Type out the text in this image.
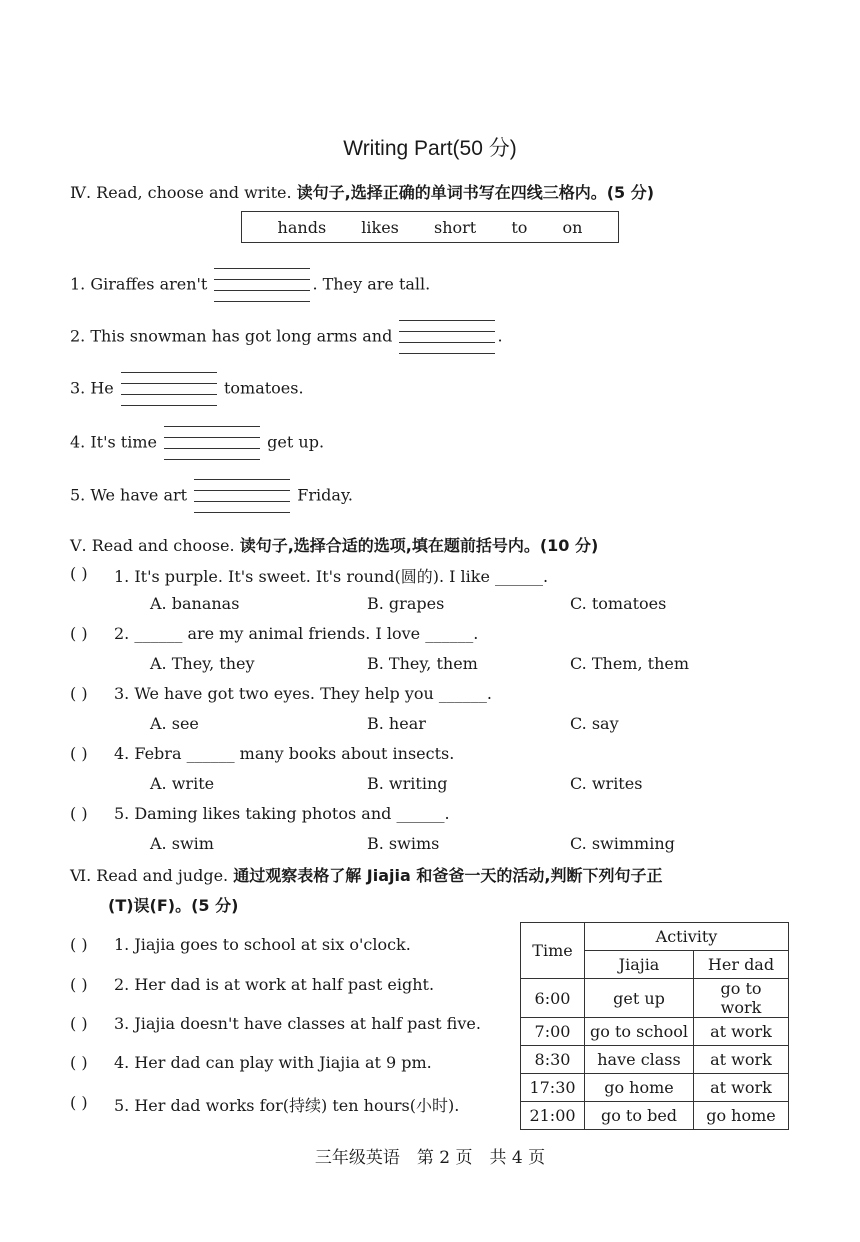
Writing Part(50 分)
Ⅳ. Read, choose and write. 读句子,选择正确的单词书写在四线三格内。(5 分)
hands likes short to on
1. Giraffes aren't	. They are tall.
2. This snowman has got long arms and	.
3. He	tomatoes.
4. It's time	get up.
5. We have art	Friday.
Ⅴ. Read and choose. 读句子,选择合适的选项,填在题前括号内。(10 分)
( ) 1. It's purple. It's sweet. It's round(圆的). I like ______.
A. bananas	B. grapes	C. tomatoes
( ) 2. ______ are my animal friends. I love ______.
A. They, they	B. They, them	C. Them, them
( ) 3. We have got two eyes. They help you ______.
A. see	B. hear	C. say
( ) 4. Febra ______ many books about insects.
A. write	B. writing	C. writes
( ) 5. Daming likes taking photos and ______.
A. swim	B. swims	C. swimming
Ⅵ. Read and judge. 通过观察表格了解 Jiajia 和爸爸一天的活动,判断下列句子正
(T)误(F)。(5 分)
( ) 1. Jiajia goes to school at six o'clock.
( ) 2. Her dad is at work at half past eight.
( ) 3. Jiajia doesn't have classes at half past five.
( ) 4. Her dad can play with Jiajia at 9 pm.
( ) 5. Her dad works for(持续) ten hours(小时).
Time	Activity	
	Jiajia	Her dad
6:00	get up	go to work
7:00	go to school	at work
8:30	have class	at work
17:30	go home	at work
21:00	go to bed	go home
三年级英语　第 2 页　共 4 页
